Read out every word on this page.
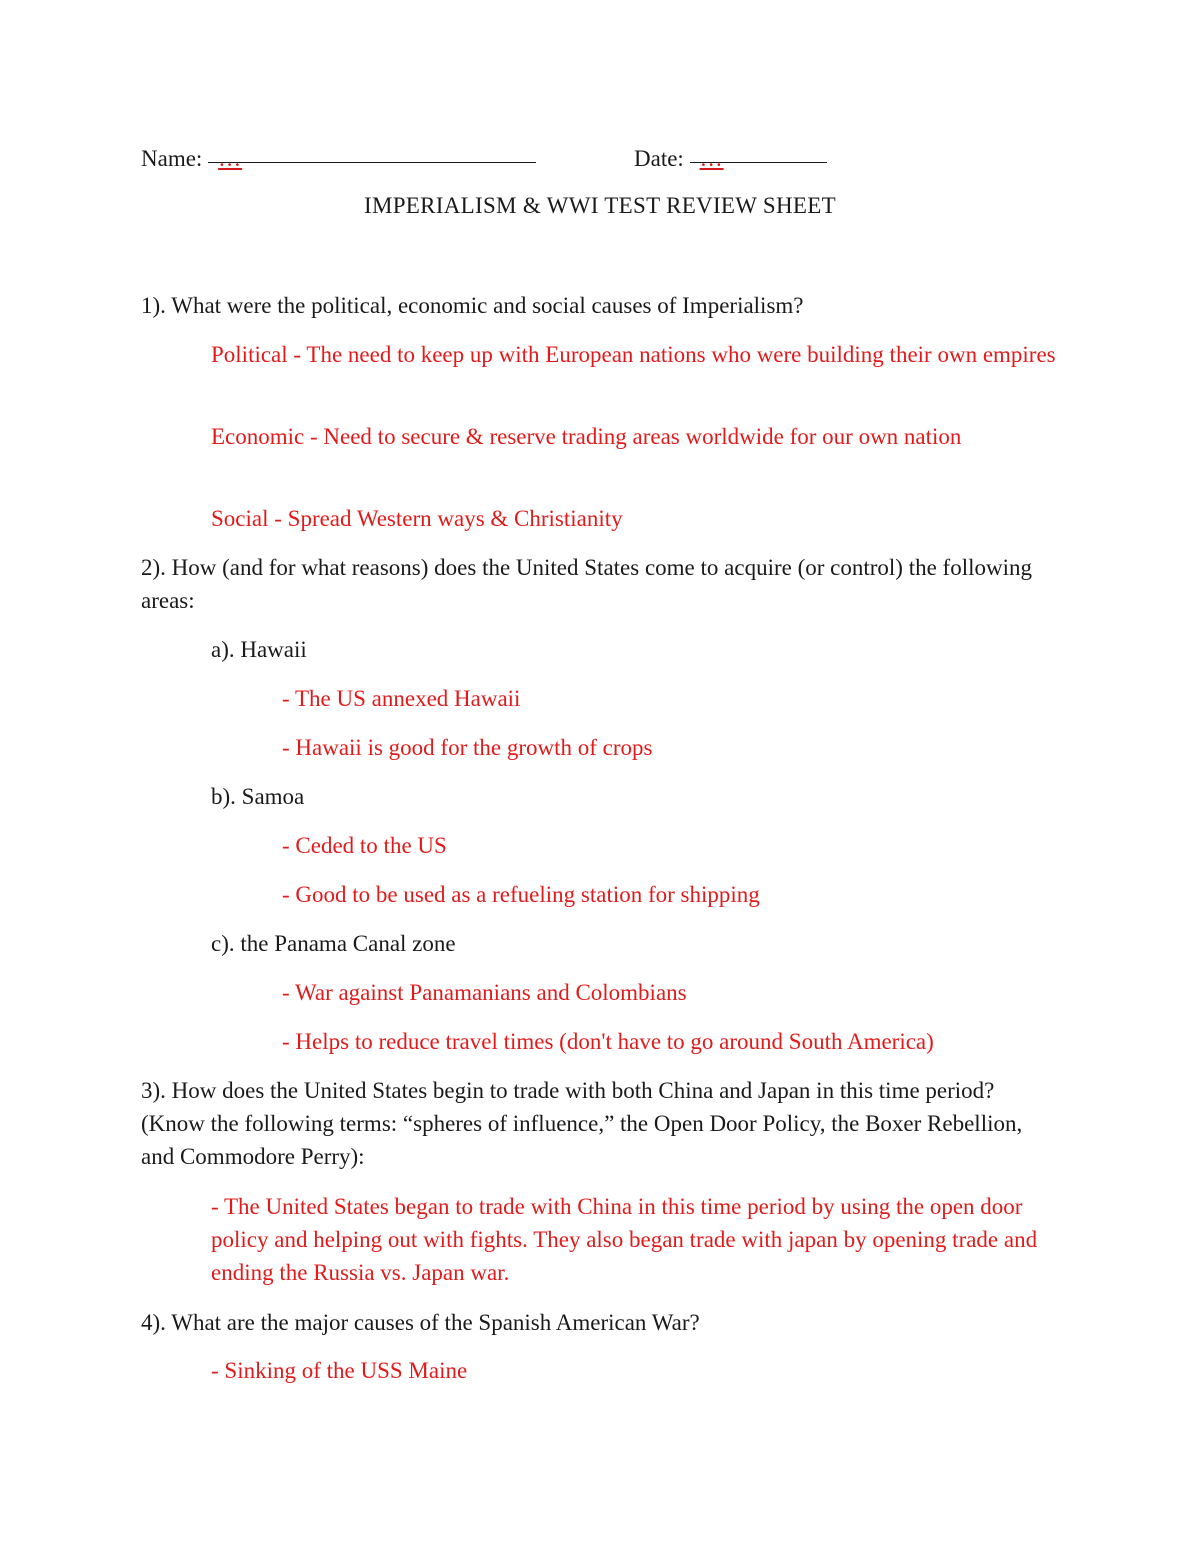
Name: …	Date: …
IMPERIALISM & WWI TEST REVIEW SHEET
1). What were the political, economic and social causes of Imperialism?
Political - The need to keep up with European nations who were building their own empires
Economic - Need to secure & reserve trading areas worldwide for our own nation
Social - Spread Western ways & Christianity
2). How (and for what reasons) does the United States come to acquire (or control) the following areas:
a). Hawaii
- The US annexed Hawaii
- Hawaii is good for the growth of crops
b). Samoa
- Ceded to the US
- Good to be used as a refueling station for shipping
c). the Panama Canal zone
- War against Panamanians and Colombians
- Helps to reduce travel times (don't have to go around South America)
3). How does the United States begin to trade with both China and Japan in this time period? (Know the following terms: “spheres of influence,” the Open Door Policy, the Boxer Rebellion, and Commodore Perry):
- The United States began to trade with China in this time period by using the open door policy and helping out with fights. They also began trade with japan by opening trade and ending the Russia vs. Japan war.
4). What are the major causes of the Spanish American War?
- Sinking of the USS Maine
